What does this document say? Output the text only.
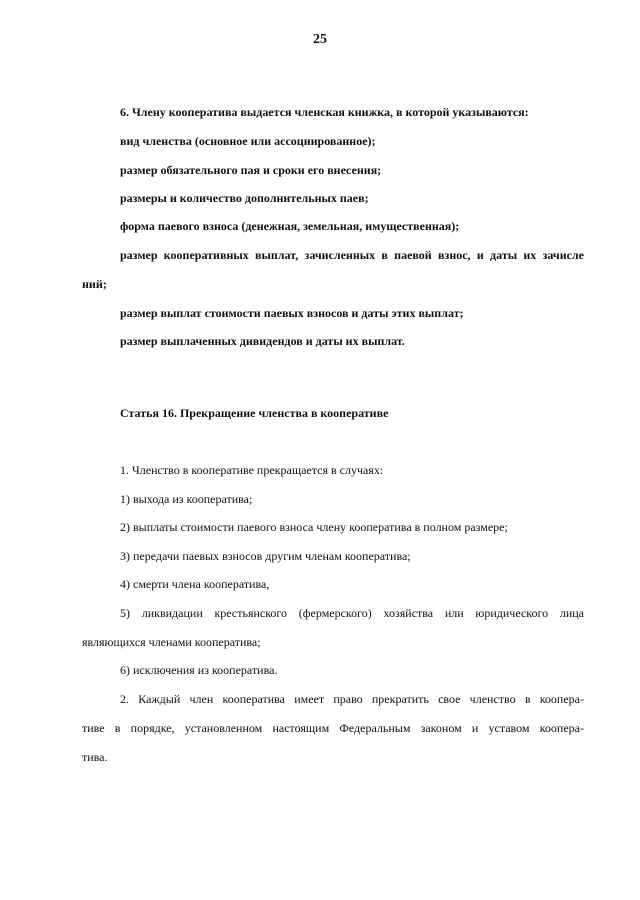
25
6. Члену кооператива выдается членская книжка, в которой указываются:
вид членства (основное или ассоциированное);
размер обязательного пая и сроки его внесения;
размеры и количество дополнительных паев;
форма паевого взноса (денежная, земельная, имущественная);
размер кооперативных выплат, зачисленных в паевой взнос, и даты их зачисле
ний;
размер выплат стоимости паевых взносов и даты этих выплат;
размер выплаченных дивидендов и даты их выплат.
Статья 16. Прекращение членства в кооперативе
1. Членство в кооперативе прекращается в случаях:
1) выхода из кооператива;
2) выплаты стоимости паевого взноса члену кооператива в полном размере;
3) передачи паевых взносов другим членам кооператива;
4) смерти члена кооператива,
5) ликвидации крестьянского (фермерского) хозяйства или юридического лица
являющихся членами кооператива;
6) исключения из кооператива.
2. Каждый член кооператива имеет право прекратить свое членство в коопера-
тиве в порядке, установленном настоящим Федеральным законом и уставом коопера-
тива.
